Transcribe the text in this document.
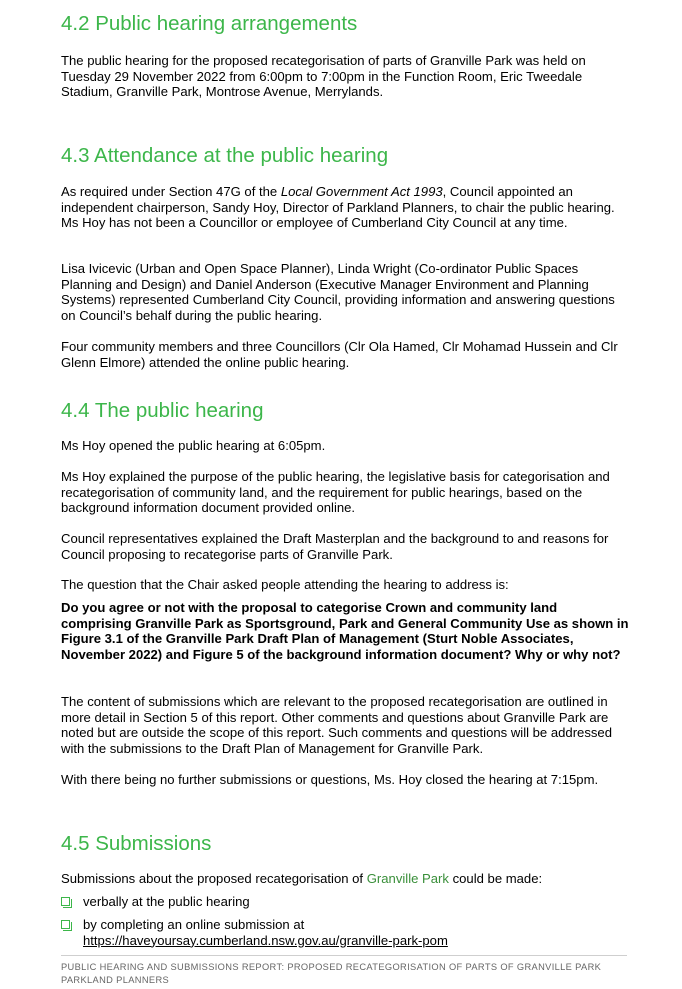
4.2 Public hearing arrangements

The public hearing for the proposed recategorisation of parts of Granville Park was held on Tuesday 29 November 2022 from 6:00pm to 7:00pm in the Function Room, Eric Tweedale Stadium, Granville Park, Montrose Avenue, Merrylands.

4.3 Attendance at the public hearing

As required under Section 47G of the Local Government Act 1993, Council appointed an independent chairperson, Sandy Hoy, Director of Parkland Planners, to chair the public hearing. Ms Hoy has not been a Councillor or employee of Cumberland City Council at any time.

Lisa Ivicevic (Urban and Open Space Planner), Linda Wright (Co-ordinator Public Spaces Planning and Design) and Daniel Anderson (Executive Manager Environment and Planning Systems) represented Cumberland City Council, providing information and answering questions on Council’s behalf during the public hearing.

Four community members and three Councillors (Clr Ola Hamed, Clr Mohamad Hussein and Clr Glenn Elmore) attended the online public hearing.

4.4 The public hearing

Ms Hoy opened the public hearing at 6:05pm.

Ms Hoy explained the purpose of the public hearing, the legislative basis for categorisation and recategorisation of community land, and the requirement for public hearings, based on the background information document provided online.

Council representatives explained the Draft Masterplan and the background to and reasons for Council proposing to recategorise parts of Granville Park.

The question that the Chair asked people attending the hearing to address is:

Do you agree or not with the proposal to categorise Crown and community land comprising Granville Park as Sportsground, Park and General Community Use as shown in Figure 3.1 of the Granville Park Draft Plan of Management (Sturt Noble Associates, November 2022) and Figure 5 of the background information document? Why or why not?

The content of submissions which are relevant to the proposed recategorisation are outlined in more detail in Section 5 of this report. Other comments and questions about Granville Park are noted but are outside the scope of this report. Such comments and questions will be addressed with the submissions to the Draft Plan of Management for Granville Park.

With there being no further submissions or questions, Ms. Hoy closed the hearing at 7:15pm.

4.5 Submissions

Submissions about the proposed recategorisation of Granville Park could be made:

verbally at the public hearing
by completing an online submission at
https://haveyoursay.cumberland.nsw.gov.au/granville-park-pom
PUBLIC HEARING AND SUBMISSIONS REPORT: PROPOSED RECATEGORISATION OF PARTS OF GRANVILLE PARK
PARKLAND PLANNERS
